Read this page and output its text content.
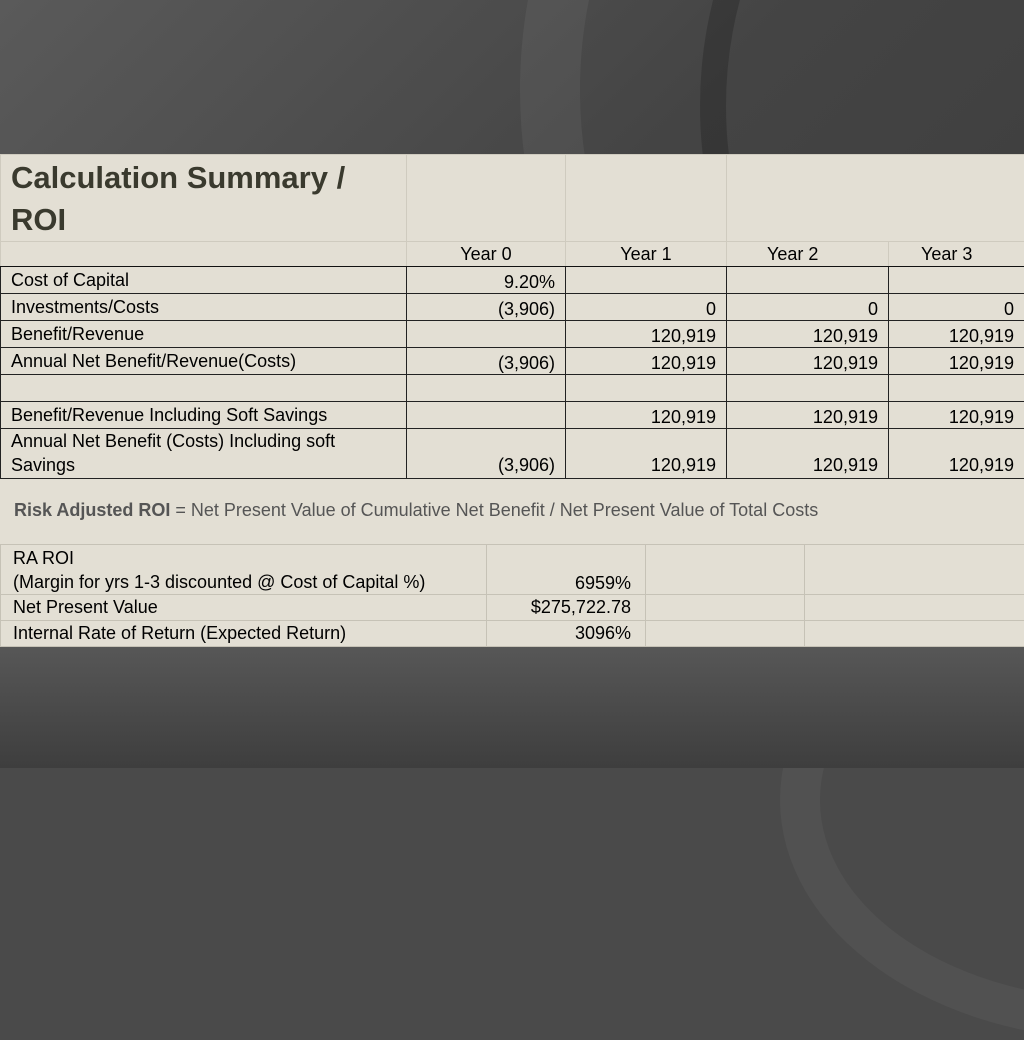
Calculation Summary / ROI				

	Year 0	Year 1	Year 2	Year 3
Cost of Capital	9.20%			
Investments/Costs	(3,906)	0	0	0
Benefit/Revenue		120,919	120,919	120,919
Annual Net Benefit/Revenue(Costs)	(3,906)	120,919	120,919	120,919

Benefit/Revenue Including Soft Savings		120,919	120,919	120,919
Annual Net Benefit (Costs) Including soft Savings	(3,906)	120,919	120,919	120,919
Risk Adjusted ROI = Net Present Value of Cumulative Net Benefit / Net Present Value of Total Costs
RA ROI
(Margin for yrs 1-3 discounted @ Cost of Capital %)	6959%		
Net Present Value	$275,722.78		
Internal Rate of Return (Expected Return)	3096%		
